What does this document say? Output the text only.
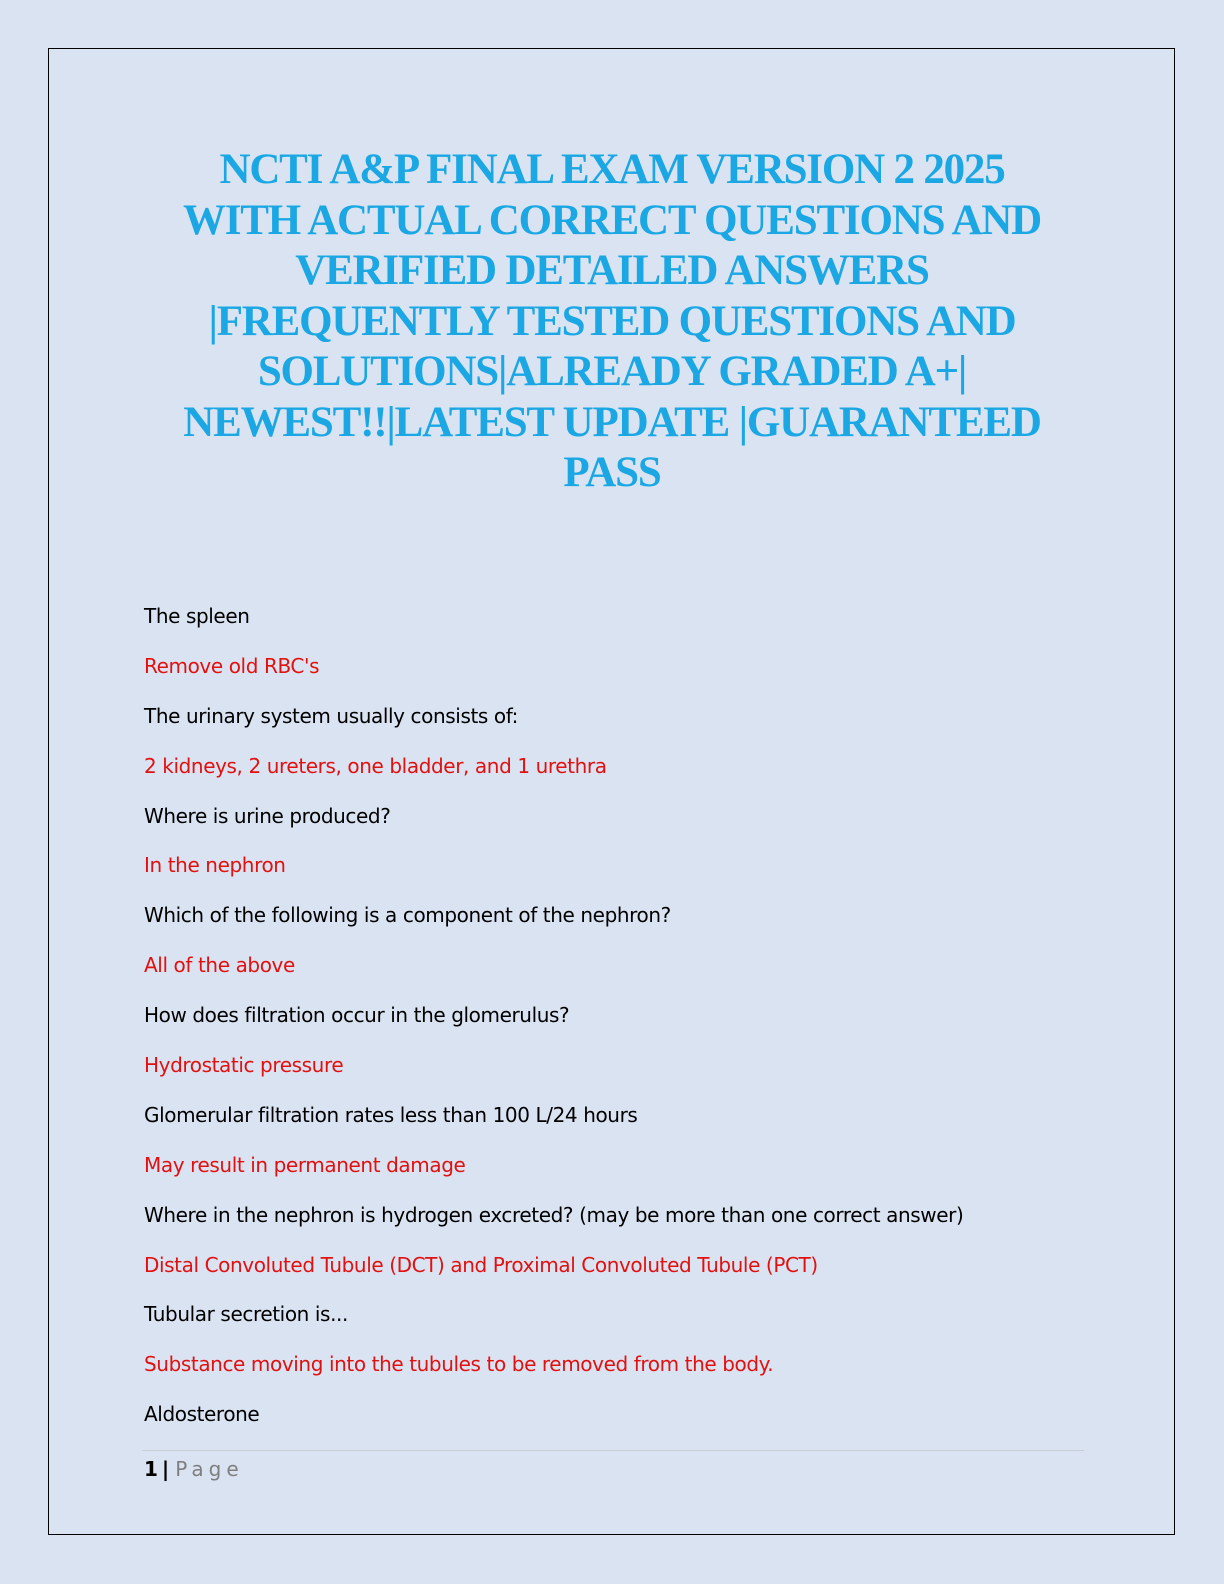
NCTI A&P FINAL EXAM VERSION 2 2025
WITH ACTUAL CORRECT QUESTIONS AND
VERIFIED DETAILED ANSWERS
|FREQUENTLY TESTED QUESTIONS AND
SOLUTIONS|ALREADY GRADED A+|
NEWEST!!|LATEST UPDATE |GUARANTEED
PASS

The spleen

Remove old RBC's

The urinary system usually consists of:

2 kidneys, 2 ureters, one bladder, and 1 urethra

Where is urine produced?

In the nephron

Which of the following is a component of the nephron?

All of the above

How does filtration occur in the glomerulus?

Hydrostatic pressure

Glomerular filtration rates less than 100 L/24 hours

May result in permanent damage

Where in the nephron is hydrogen excreted? (may be more than one correct answer)

Distal Convoluted Tubule (DCT) and Proximal Convoluted Tubule (PCT)

Tubular secretion is...

Substance moving into the tubules to be removed from the body.

Aldosterone

1 | Page
